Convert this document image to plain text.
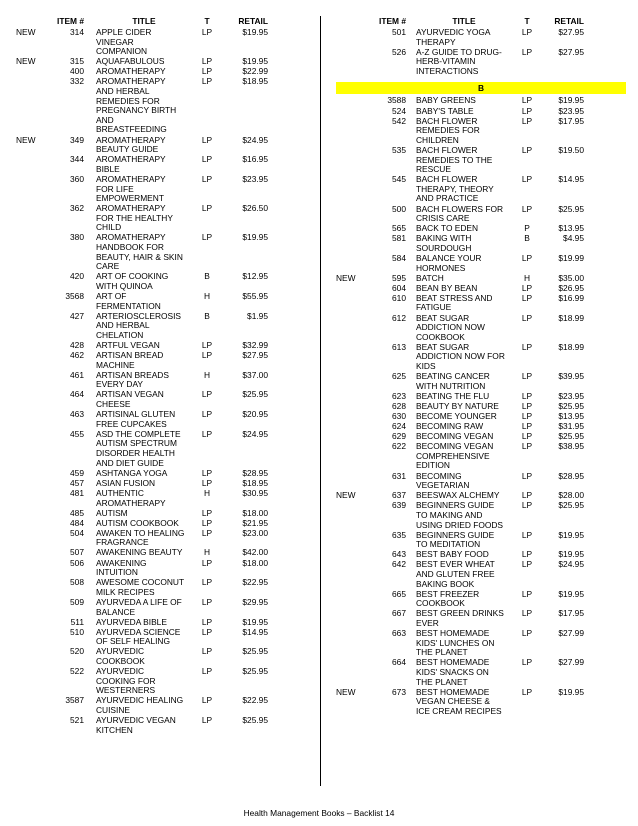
ITEM #	TITLE	T	RETAIL
NEW	314 APPLE CIDER
VINEGAR
COMPANION
LP	$19.95
NEW	315 AQUAFABULOUS	LP	$19.95
400 AROMATHERAPY	LP	$22.99
332 AROMATHERAPY
AND HERBAL
REMEDIES FOR
PREGNANCY BIRTH
AND
BREASTFEEDING
LP	$18.95
NEW	349 AROMATHERAPY
BEAUTY GUIDE
LP	$24.95
344 AROMATHERAPY
BIBLE
LP	$16.95
360 AROMATHERAPY
FOR LIFE
EMPOWERMENT
LP	$23.95
362 AROMATHERAPY
FOR THE HEALTHY
CHILD
LP	$26.50
380 AROMATHERAPY
HANDBOOK FOR
BEAUTY, HAIR & SKIN
CARE
LP	$19.95
420 ART OF COOKING
WITH QUINOA
B	$12.95
3568 ART OF
FERMENTATION
H	$55.95
427 ARTERIOSCLEROSIS
AND HERBAL
CHELATION
B	$1.95
428 ARTFUL VEGAN	LP	$32.99
462 ARTISAN BREAD
MACHINE
LP	$27.95
461 ARTISAN BREADS
EVERY DAY
H	$37.00
464 ARTISAN VEGAN
CHEESE
LP	$25.95
463 ARTISINAL GLUTEN
FREE CUPCAKES
LP	$20.95
455 ASD THE COMPLETE
AUTISM SPECTRUM
DISORDER HEALTH
AND DIET GUIDE
LP	$24.95
459 ASHTANGA YOGA	LP	$28.95
457 ASIAN FUSION	LP	$18.95
481 AUTHENTIC
AROMATHERAPY
H	$30.95
485 AUTISM	LP	$18.00
484 AUTISM COOKBOOK	LP	$21.95
504 AWAKEN TO HEALING
FRAGRANCE
LP	$23.00
507 AWAKENING BEAUTY	H	$42.00
506 AWAKENING
INTUITION
LP	$18.00
508 AWESOME COCONUT
MILK RECIPES
LP	$22.95
509 AYURVEDA A LIFE OF
BALANCE
LP	$29.95
511 AYURVEDA BIBLE	LP	$19.95
510 AYURVEDA SCIENCE
OF SELF HEALING
LP	$14.95
520 AYURVEDIC
COOKBOOK
LP	$25.95
522 AYURVEDIC
COOKING FOR
WESTERNERS
LP	$25.95
3587 AYURVEDIC HEALING
CUISINE
LP	$22.95
521 AYURVEDIC VEGAN
KITCHEN
LP	$25.95
ITEM #	TITLE	T	RETAIL
501 AYURVEDIC YOGA
THERAPY
LP	$27.95
526 A-Z GUIDE TO DRUG-
HERB-VITAMIN
INTERACTIONS
LP	$27.95
B
3588 BABY GREENS	LP	$19.95
524 BABY'S TABLE	LP	$23.95
542 BACH FLOWER
REMEDIES FOR
CHILDREN
LP	$17.95
535 BACH FLOWER
REMEDIES TO THE
RESCUE
LP	$19.50
545 BACH FLOWER
THERAPY, THEORY
AND PRACTICE
LP	$14.95
500 BACH FLOWERS FOR
CRISIS CARE
LP	$25.95
565 BACK TO EDEN	P	$13.95
581 BAKING WITH
SOURDOUGH
B	$4.95
584 BALANCE YOUR
HORMONES
LP	$19.99
NEW	595 BATCH	H	$35.00
604 BEAN BY BEAN	LP	$26.95
610 BEAT STRESS AND
FATIGUE
LP	$16.99
612 BEAT SUGAR
ADDICTION NOW
COOKBOOK
LP	$18.99
613 BEAT SUGAR
ADDICTION NOW FOR
KIDS
LP	$18.99
625 BEATING CANCER
WITH NUTRITION
LP	$39.95
623 BEATING THE FLU	LP	$23.95
628 BEAUTY BY NATURE	LP	$25.95
630 BECOME YOUNGER	LP	$13.95
624 BECOMING RAW	LP	$31.95
629 BECOMING VEGAN	LP	$25.95
622 BECOMING VEGAN
COMPREHENSIVE
EDITION
LP	$38.95
631 BECOMING
VEGETARIAN
LP	$28.95
NEW	637 BEESWAX ALCHEMY	LP	$28.00
639 BEGINNERS GUIDE
TO MAKING AND
USING DRIED FOODS
LP	$25.95
635 BEGINNERS GUIDE
TO MEDITATION
LP	$19.95
643 BEST BABY FOOD	LP	$19.95
642 BEST EVER WHEAT
AND GLUTEN FREE
BAKING BOOK
LP	$24.95
665 BEST FREEZER
COOKBOOK
LP	$19.95
667 BEST GREEN DRINKS
EVER
LP	$17.95
663 BEST HOMEMADE
KIDS' LUNCHES ON
THE PLANET
LP	$27.99
664 BEST HOMEMADE
KIDS' SNACKS ON
THE PLANET
LP	$27.99
NEW	673 BEST HOMEMADE
VEGAN CHEESE &
ICE CREAM RECIPES
LP	$19.95
Health Management Books – Backlist 14
